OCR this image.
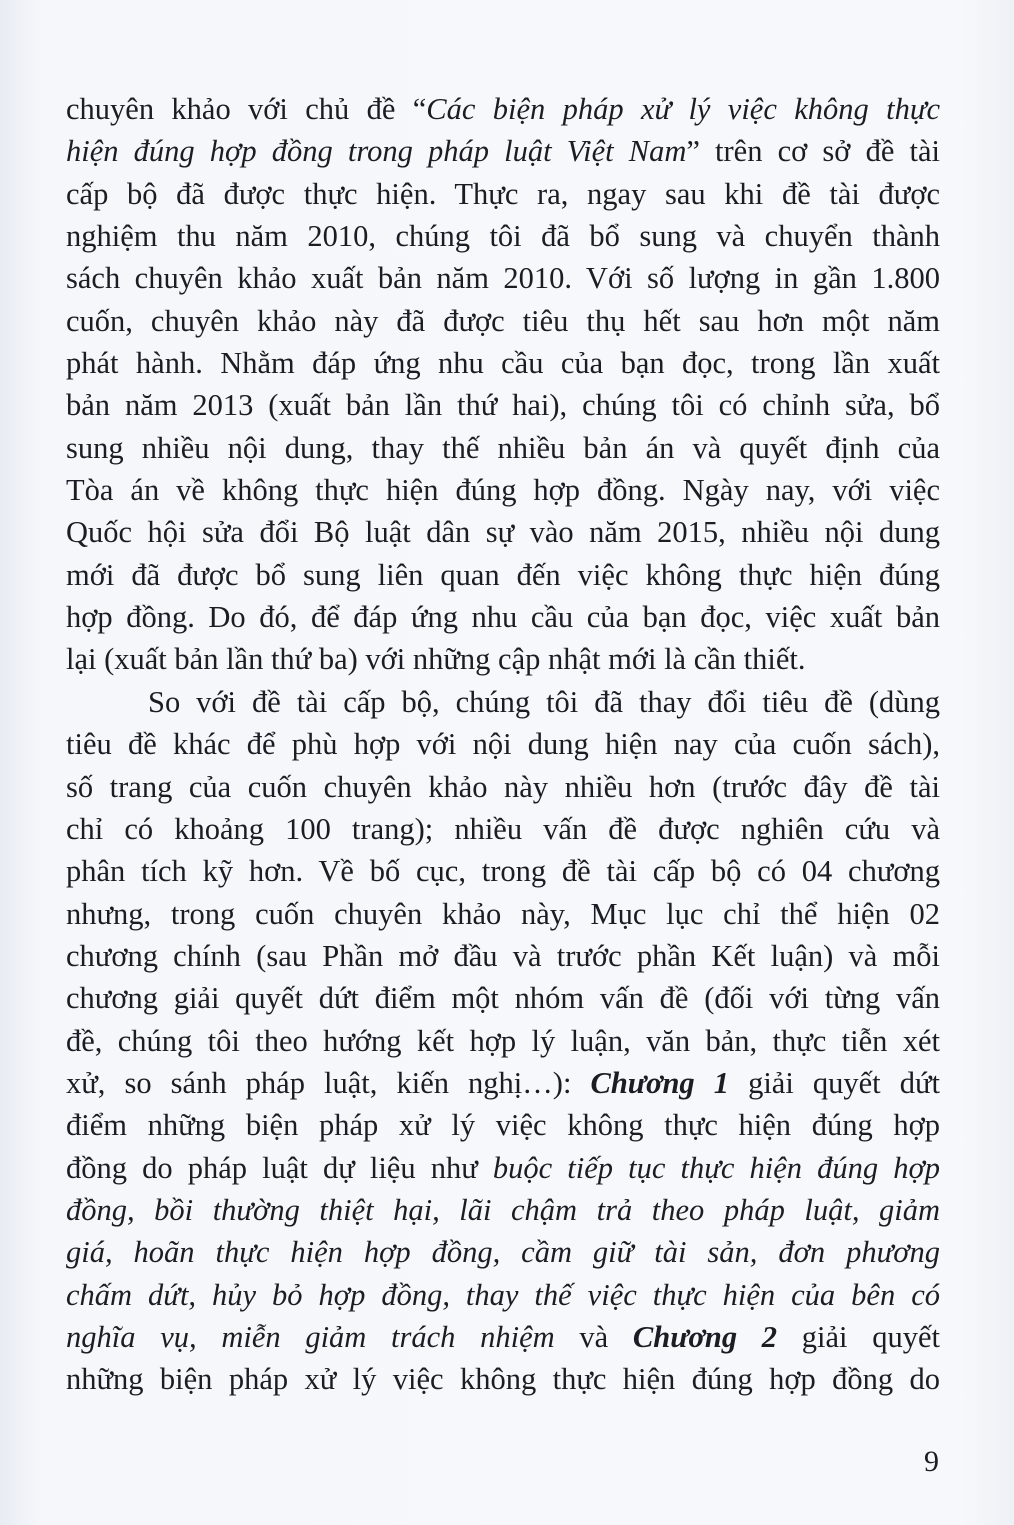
chuyên khảo với chủ đề “Các biện pháp xử lý việc không thực
hiện đúng hợp đồng trong pháp luật Việt Nam” trên cơ sở đề tài
cấp bộ đã được thực hiện. Thực ra, ngay sau khi đề tài được
nghiệm thu năm 2010, chúng tôi đã bổ sung và chuyển thành
sách chuyên khảo xuất bản năm 2010. Với số lượng in gần 1.800
cuốn, chuyên khảo này đã được tiêu thụ hết sau hơn một năm
phát hành. Nhằm đáp ứng nhu cầu của bạn đọc, trong lần xuất
bản năm 2013 (xuất bản lần thứ hai), chúng tôi có chỉnh sửa, bổ
sung nhiều nội dung, thay thế nhiều bản án và quyết định của
Tòa án về không thực hiện đúng hợp đồng. Ngày nay, với việc
Quốc hội sửa đổi Bộ luật dân sự vào năm 2015, nhiều nội dung
mới đã được bổ sung liên quan đến việc không thực hiện đúng
hợp đồng. Do đó, để đáp ứng nhu cầu của bạn đọc, việc xuất bản
lại (xuất bản lần thứ ba) với những cập nhật mới là cần thiết.
So với đề tài cấp bộ, chúng tôi đã thay đổi tiêu đề (dùng
tiêu đề khác để phù hợp với nội dung hiện nay của cuốn sách),
số trang của cuốn chuyên khảo này nhiều hơn (trước đây đề tài
chỉ có khoảng 100 trang); nhiều vấn đề được nghiên cứu và
phân tích kỹ hơn. Về bố cục, trong đề tài cấp bộ có 04 chương
nhưng, trong cuốn chuyên khảo này, Mục lục chỉ thể hiện 02
chương chính (sau Phần mở đầu và trước phần Kết luận) và mỗi
chương giải quyết dứt điểm một nhóm vấn đề (đối với từng vấn
đề, chúng tôi theo hướng kết hợp lý luận, văn bản, thực tiễn xét
xử, so sánh pháp luật, kiến nghị…): Chương 1 giải quyết dứt
điểm những biện pháp xử lý việc không thực hiện đúng hợp
đồng do pháp luật dự liệu như buộc tiếp tục thực hiện đúng hợp
đồng, bồi thường thiệt hại, lãi chậm trả theo pháp luật, giảm
giá, hoãn thực hiện hợp đồng, cầm giữ tài sản, đơn phương
chấm dứt, hủy bỏ hợp đồng, thay thế việc thực hiện của bên có
nghĩa vụ, miễn giảm trách nhiệm và Chương 2 giải quyết
những biện pháp xử lý việc không thực hiện đúng hợp đồng do
9
